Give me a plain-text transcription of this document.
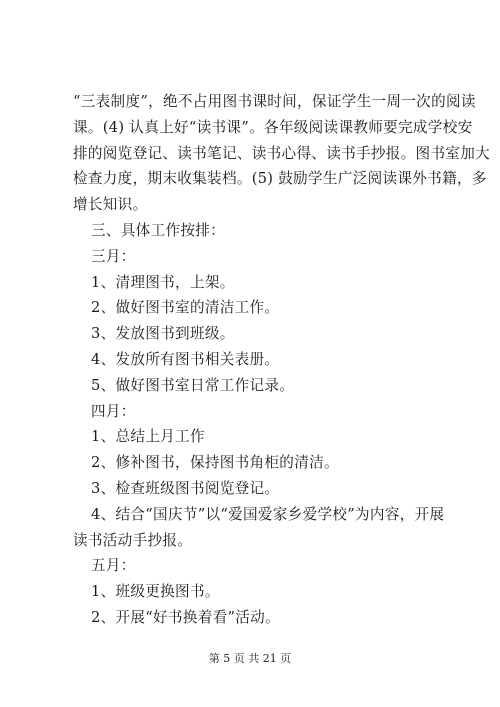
“三表制度”，绝不占用图书课时间，保证学生一周一次的阅读
课。(4) 认真上好“读书课”。各年级阅读课教师要完成学校安
排的阅览登记、读书笔记、读书心得、读书手抄报。图书室加大
检查力度，期末收集装档。(5) 鼓励学生广泛阅读课外书籍，多
增长知识。
三、具体工作按排：
三月：
1、清理图书，上架。
2、做好图书室的清洁工作。
3、发放图书到班级。
4、发放所有图书相关表册。
5、做好图书室日常工作记录。
四月：
1、总结上月工作
2、修补图书，保持图书角柜的清洁。
3、检查班级图书阅览登记。
4、结合“国庆节”以“爱国爱家乡爱学校”为内容，开展
读书活动手抄报。
五月：
1、班级更换图书。
2、开展“好书换着看”活动。
第 5 页 共 21 页
